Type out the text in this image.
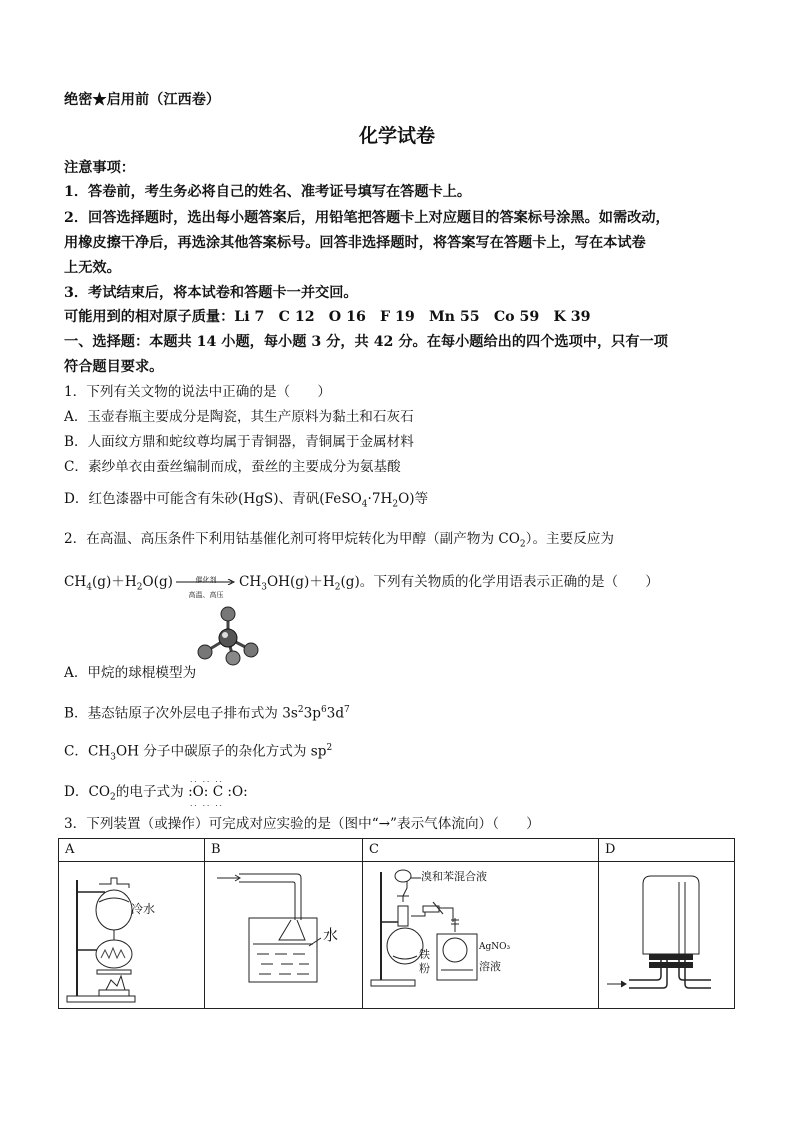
绝密★启用前（江西卷）
化学试卷
注意事项：
1．答卷前，考生务必将自己的姓名、准考证号填写在答题卡上。
2．回答选择题时，选出每小题答案后，用铅笔把答题卡上对应题目的答案标号涂黑。如需改动，
用橡皮擦干净后，再选涂其他答案标号。回答非选择题时，将答案写在答题卡上，写在本试卷
上无效。
3．考试结束后，将本试卷和答题卡一并交回。
可能用到的相对原子质量：Li 7　C 12　O 16　F 19　Mn 55　Co 59　K 39
一、选择题：本题共 14 小题，每小题 3 分，共 42 分。在每小题给出的四个选项中，只有一项
符合题目要求。
1．下列有关文物的说法中正确的是（　　）
A．玉壶春瓶主要成分是陶瓷，其生产原料为黏土和石灰石
B．人面纹方鼎和蛇纹尊均属于青铜器，青铜属于金属材料
C．素纱单衣由蚕丝编制而成，蚕丝的主要成分为氨基酸
D．红色漆器中可能含有朱砂(HgS)、青矾$(FeSO_4\cdot 7H_2O)$等
2．在高温、高压条件下利用钴基催化剂可将甲烷转化为甲醇（副产物为 $CO_2$）。主要反应为
$CH_4(g)+H_2O(g)$	催化剂
高温、高压
$CH_3OH(g)+H_2(g)$。下列有关物质的化学用语表示正确的是（　　）
A．甲烷的球棍模型为
B．基态钴原子次外层电子排布式为 $3s^23p^63d^7$
C．$CH_3OH$ 分子中碳原子的杂化方式为 $sp^2$
D．$CO_2$的电子式为
·· ·· ··
:O: C :O:
·· ·· ··
3．下列装置（或操作）可完成对应实验的是（图中“→”表示气体流向）（　　）
A	B	C	D

冷水	水	溴和苯混合液
铁
粉
AgNO₃
溶液
